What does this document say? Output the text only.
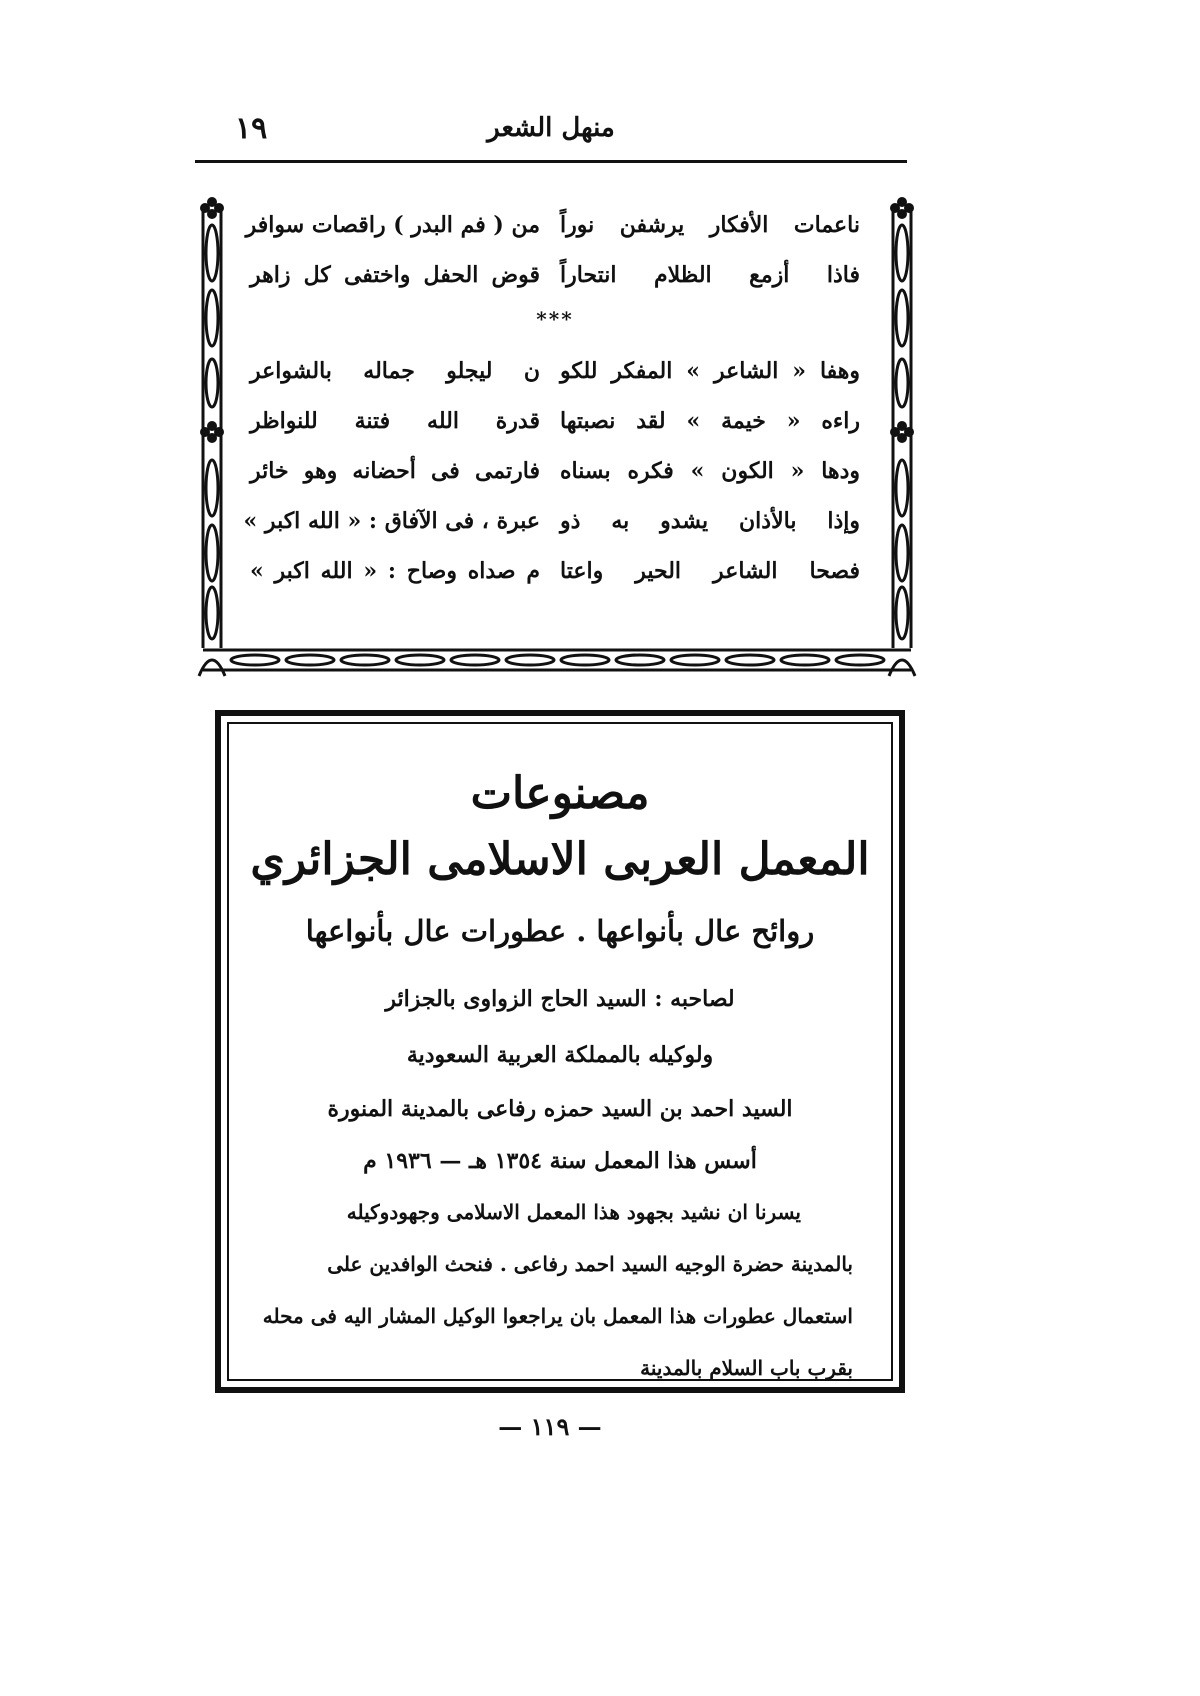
١٩	منهل الشعر
ناعمات الأفكار يرشفن نوراً
من ( فم البدر ) راقصات سوافر
فاذا أزمع الظلام انتحاراً
قوض الحفل واختفى كل زاهر
***
وهفا « الشاعر » المفكر للكو
ن ليجلو جماله بالشواعر
راءه « خيمة » لقد نصبتها
قدرة الله فتنة للنواظر
ودها « الكون » فكره بسناه
فارتمى فى أحضانه وهو خائر
وإذا بالأذان يشدو به ذو
عبرة ، فى الآفاق : « الله اكبر »
فصحا الشاعر الحير واعتا
م صداه وصاح : « الله اكبر »
مصنوعات
المعمل العربى الاسلامى الجزائري
روائح عال بأنواعها . عطورات عال بأنواعها
لصاحبه : السيد الحاج الزواوى بالجزائر
ولوكيله بالمملكة العربية السعودية
السيد احمد بن السيد حمزه رفاعى بالمدينة المنورة
أسس هذا المعمل سنة ١٣٥٤ هـ — ١٩٣٦ م
يسرنا ان نشيد بجهود هذا المعمل الاسلامى وجهودوكيله
بالمدينة حضرة الوجيه السيد احمد رفاعى . فنحث الوافدين على
استعمال عطورات هذا المعمل بان يراجعوا الوكيل المشار اليه فى محله
بقرب باب السلام بالمدينة
— ١١٩ —
